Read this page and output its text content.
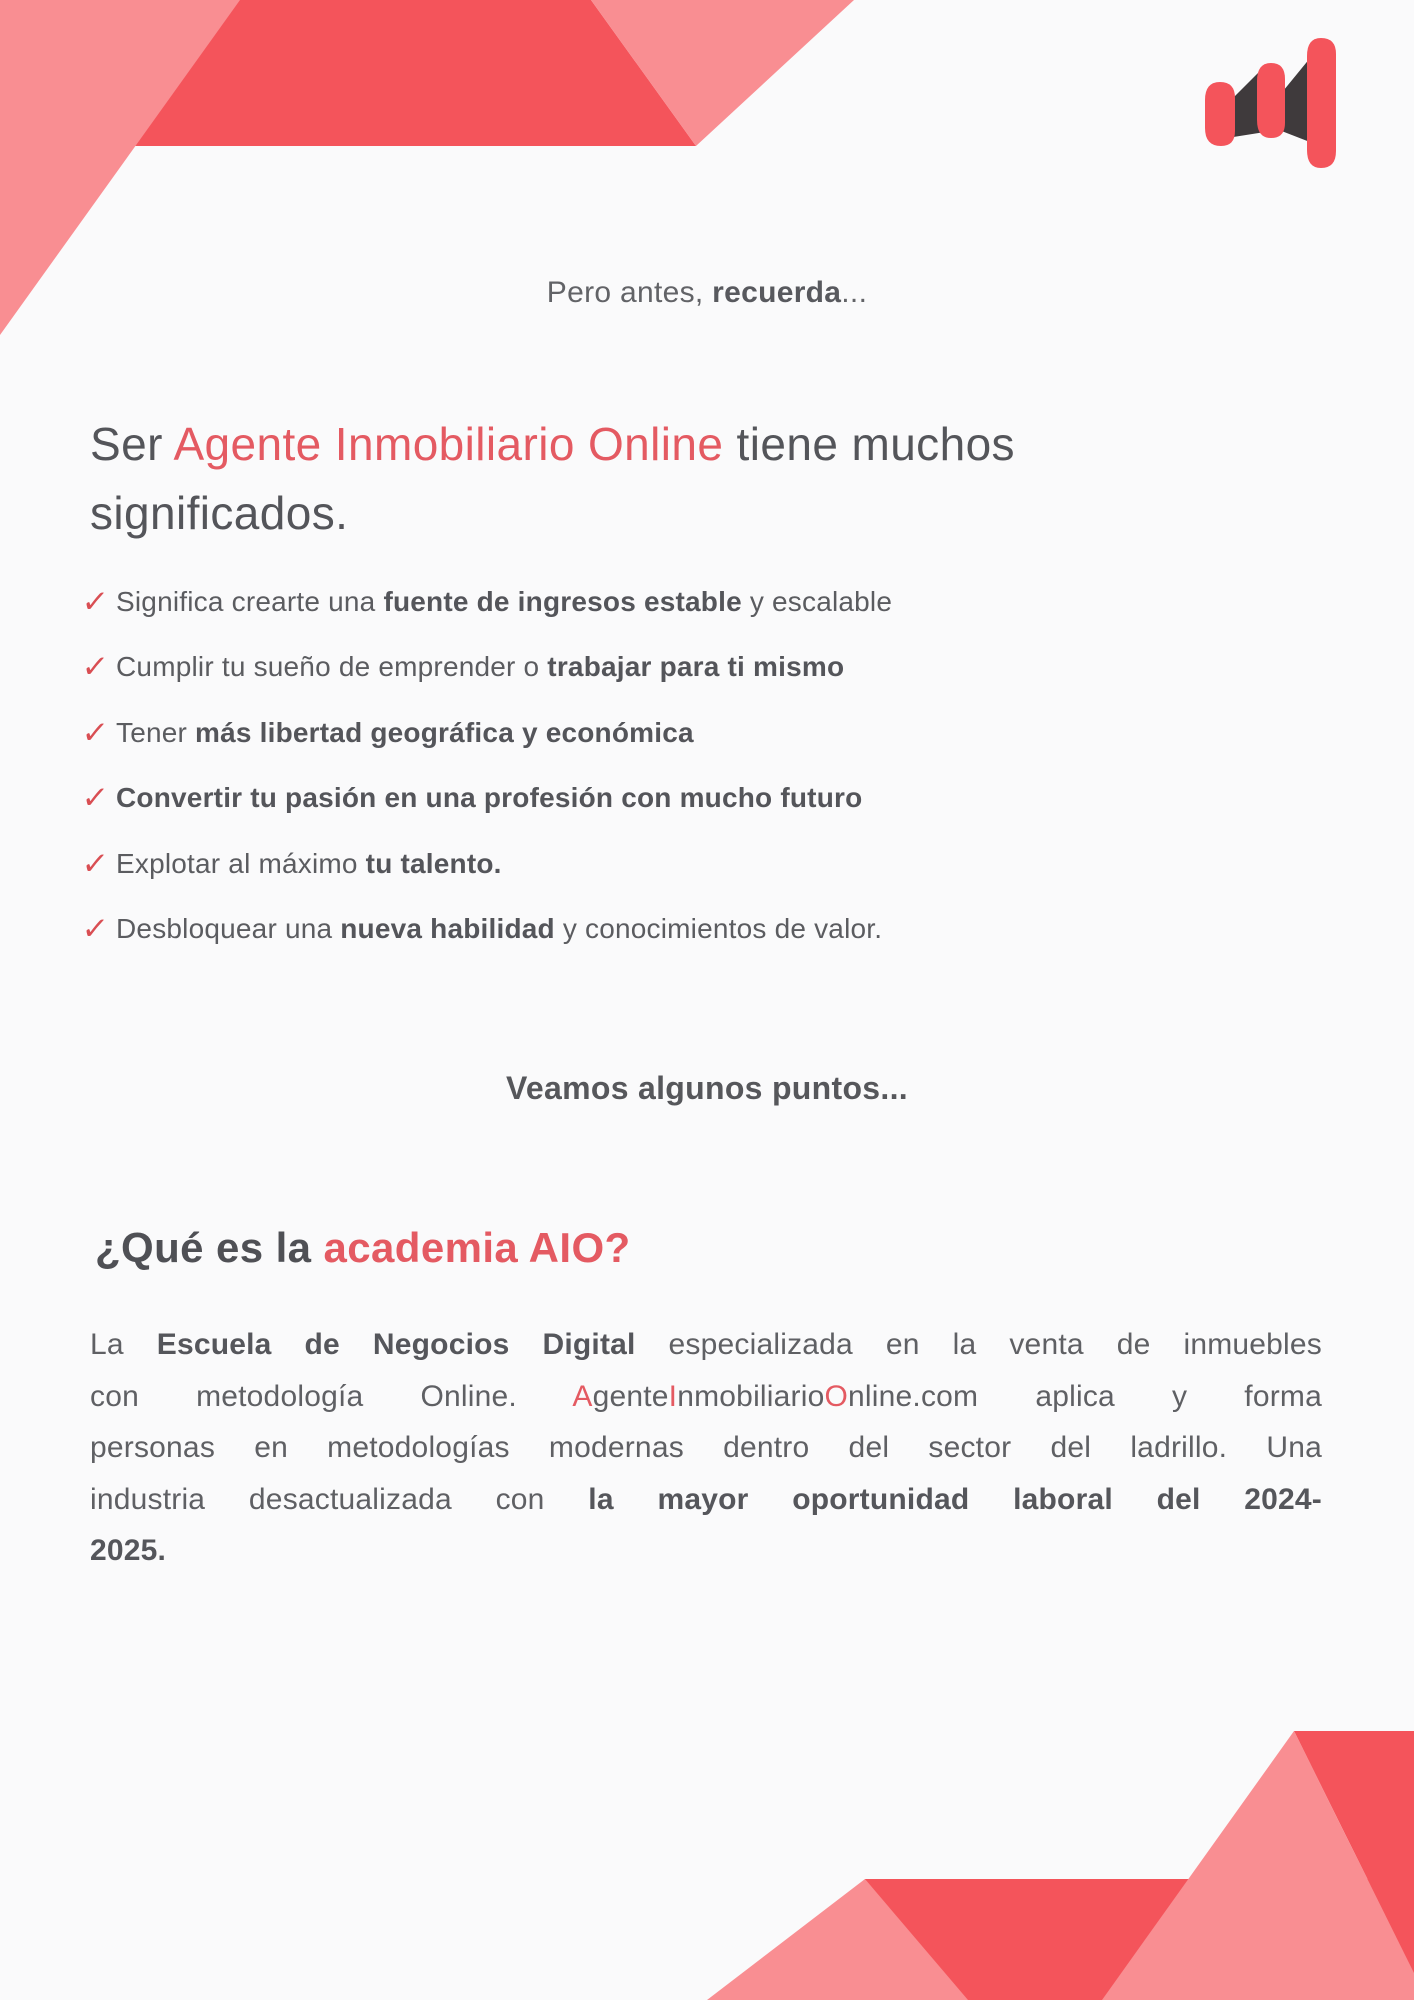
Pero antes, recuerda...
Ser Agente Inmobiliario Online tiene muchos
significados.
✓ Significa crearte una fuente de ingresos estable y escalable
✓ Cumplir tu sueño de emprender o trabajar para ti mismo
✓ Tener más libertad geográfica y económica
✓ Convertir tu pasión en una profesión con mucho futuro
✓ Explotar al máximo tu talento.
✓ Desbloquear una nueva habilidad y conocimientos de valor.
Veamos algunos puntos...
¿Qué es la academia AIO?
La Escuela de Negocios Digital especializada en la venta de inmuebles
con metodología Online. AgenteInmobiliarioOnline.com aplica y forma
personas en metodologías modernas dentro del sector del ladrillo. Una
industria desactualizada con la mayor oportunidad laboral del 2024-
2025.
